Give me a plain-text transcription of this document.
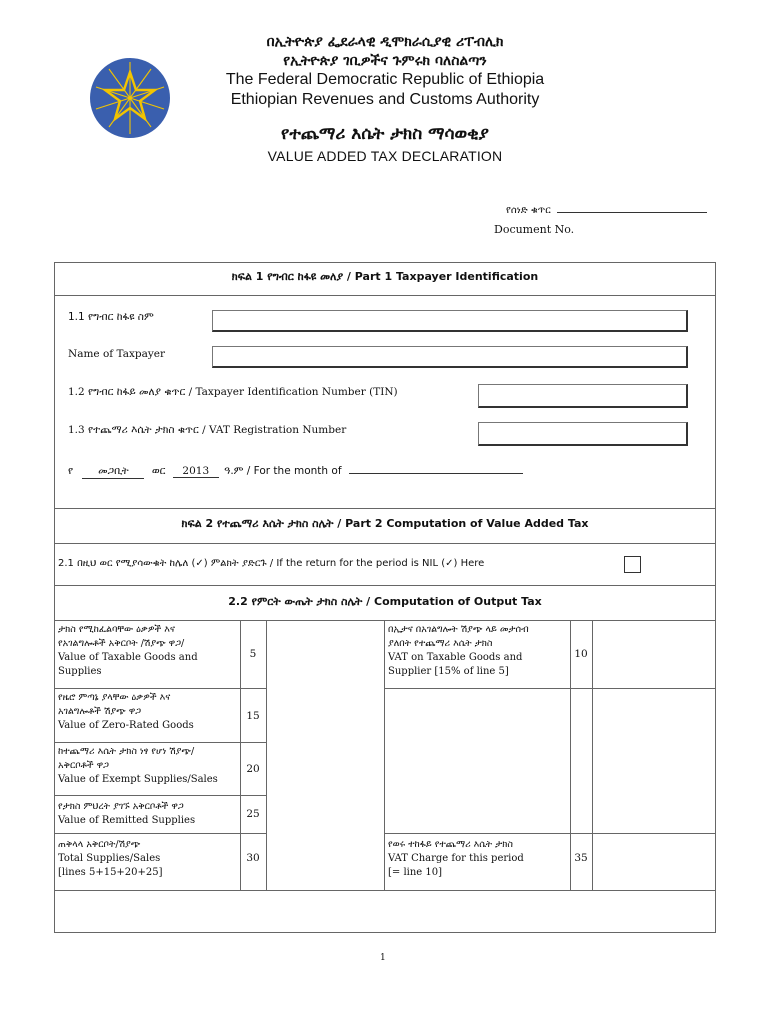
በኢትዮጵያ ፌደራላዊ ዲሞክራሲያዊ ሪፐብሊክ
የኢትዮጵያ ገቢዎችና ጉምሩክ ባለስልጣን
The Federal Democratic Republic of Ethiopia
Ethiopian Revenues and Customs Authority
የተጨማሪ እሴት ታክስ ማሳወቂያ
VALUE ADDED TAX DECLARATION
የሰነድ ቁጥር
Document No.
ክፍል 1 የግብር ከፋዩ መለያ / Part 1 Taxpayer Identification
1.1 የግብር ከፋዩ ስም
Name of Taxpayer
1.2 የግብር ከፋይ መለያ ቁጥር / Taxpayer Identification Number (TIN)
1.3 የተጨማሪ እሴት ታክስ ቁጥር / VAT Registration Number
የ መጋቢት ወር 2013 ዓ.ም / For the month of
ክፍል 2 የተጨማሪ እሴት ታክስ ስሌት / Part 2 Computation of Value Added Tax
2.1 በዚህ ወር የሚያሳውቁት ከሌለ (✓) ምልክት ያድርጉ / If the return for the period is NIL (✓) Here
2.2 የምርት ውጤት ታክስ ስሌት / Computation of Output Tax
ታክስ የሚከፈልባቸው ዕቃዎች እና
የአገልግሎቶች አቅርቦት /ሽያጭ ዋጋ/
Value of Taxable Goods and
Supplies
5
የዜሮ ምጣኔ ያላቸው ዕቃዎች እና
አገልግሎቶች ሽያጭ ዋጋ
Value of Zero-Rated Goods
15
ከተጨማሪ እሴት ታክስ ነፃ የሆነ ሽያጭ/
አቅርቦቶች ዋጋ
Value of Exempt Supplies/Sales
20
የታክስ ምህረት ያገኙ አቅርቦቶች ዋጋ
Value of Remitted Supplies
25
ጠቅላላ አቅርቦት/ሽያጭ
Total Supplies/Sales
[lines 5+15+20+25]
30
በኢታና በአገልግሎት ሽያጭ ላይ መታሰብ
ያለበት የተጨማሪ እሴት ታክስ
VAT on Taxable Goods and
Supplier [15% of line 5]
10
የወሩ ተከፋይ የተጨማሪ እሴት ታክስ
VAT Charge for this period
[= line 10]
35
1
